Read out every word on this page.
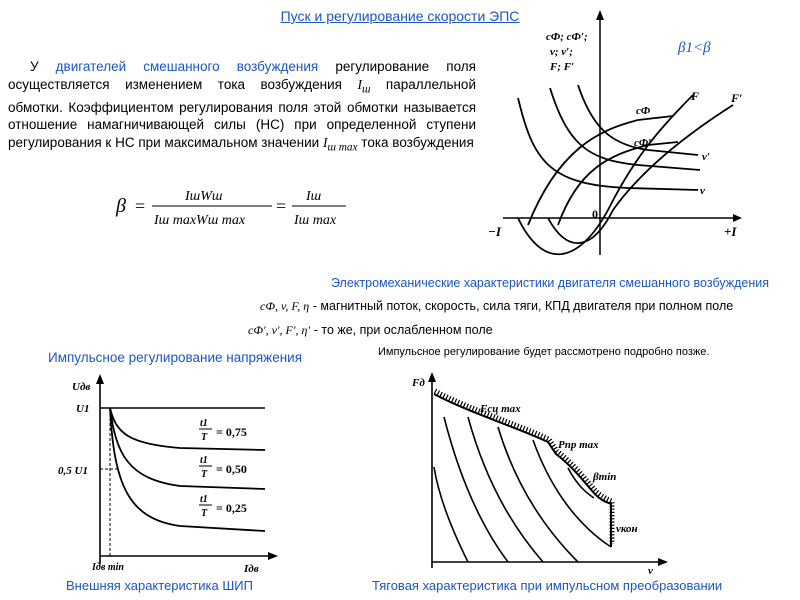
Пуск и регулирование скорости ЭПС
У двигателей смешанного возбуждения регулирование поля осуществляется изменением тока возбуждения $I_ш$ параллельной обмотки. Коэффициентом регулирования поля этой обмотки называется отношение намагничивающей силы (НС) при определенной ступени регулирования к НС при максимальном значении $I_{ш max}$ тока возбуждения
β =	IшWш
Iш maxWш max
= Iш
Iш max
cФ; cФ′;
v; v′;
F; F′
β1<β
−I	+I
0
F	F′
cФ
cФ′
v′
v
Электромеханические характеристики двигателя смешанного возбуждения
cФ, v, F, η - магнитный поток, скорость, сила тяги, КПД двигателя при полном поле
cФ′, v′, F′, η′ - то же, при ослабленном поле
Импульсное регулирование напряжения	Импульсное регулирование будет рассмотрено подробно позже.
Uдв
U1
0,5 U1
t1
T = 0,75
t1
T = 0,50
t1
T = 0,25
Iдв min	Iдв
Fд
v
Fсц max
Pпр max
βmin
vкон
Внешняя характеристика ШИП	Тяговая характеристика при импульсном преобразовании
